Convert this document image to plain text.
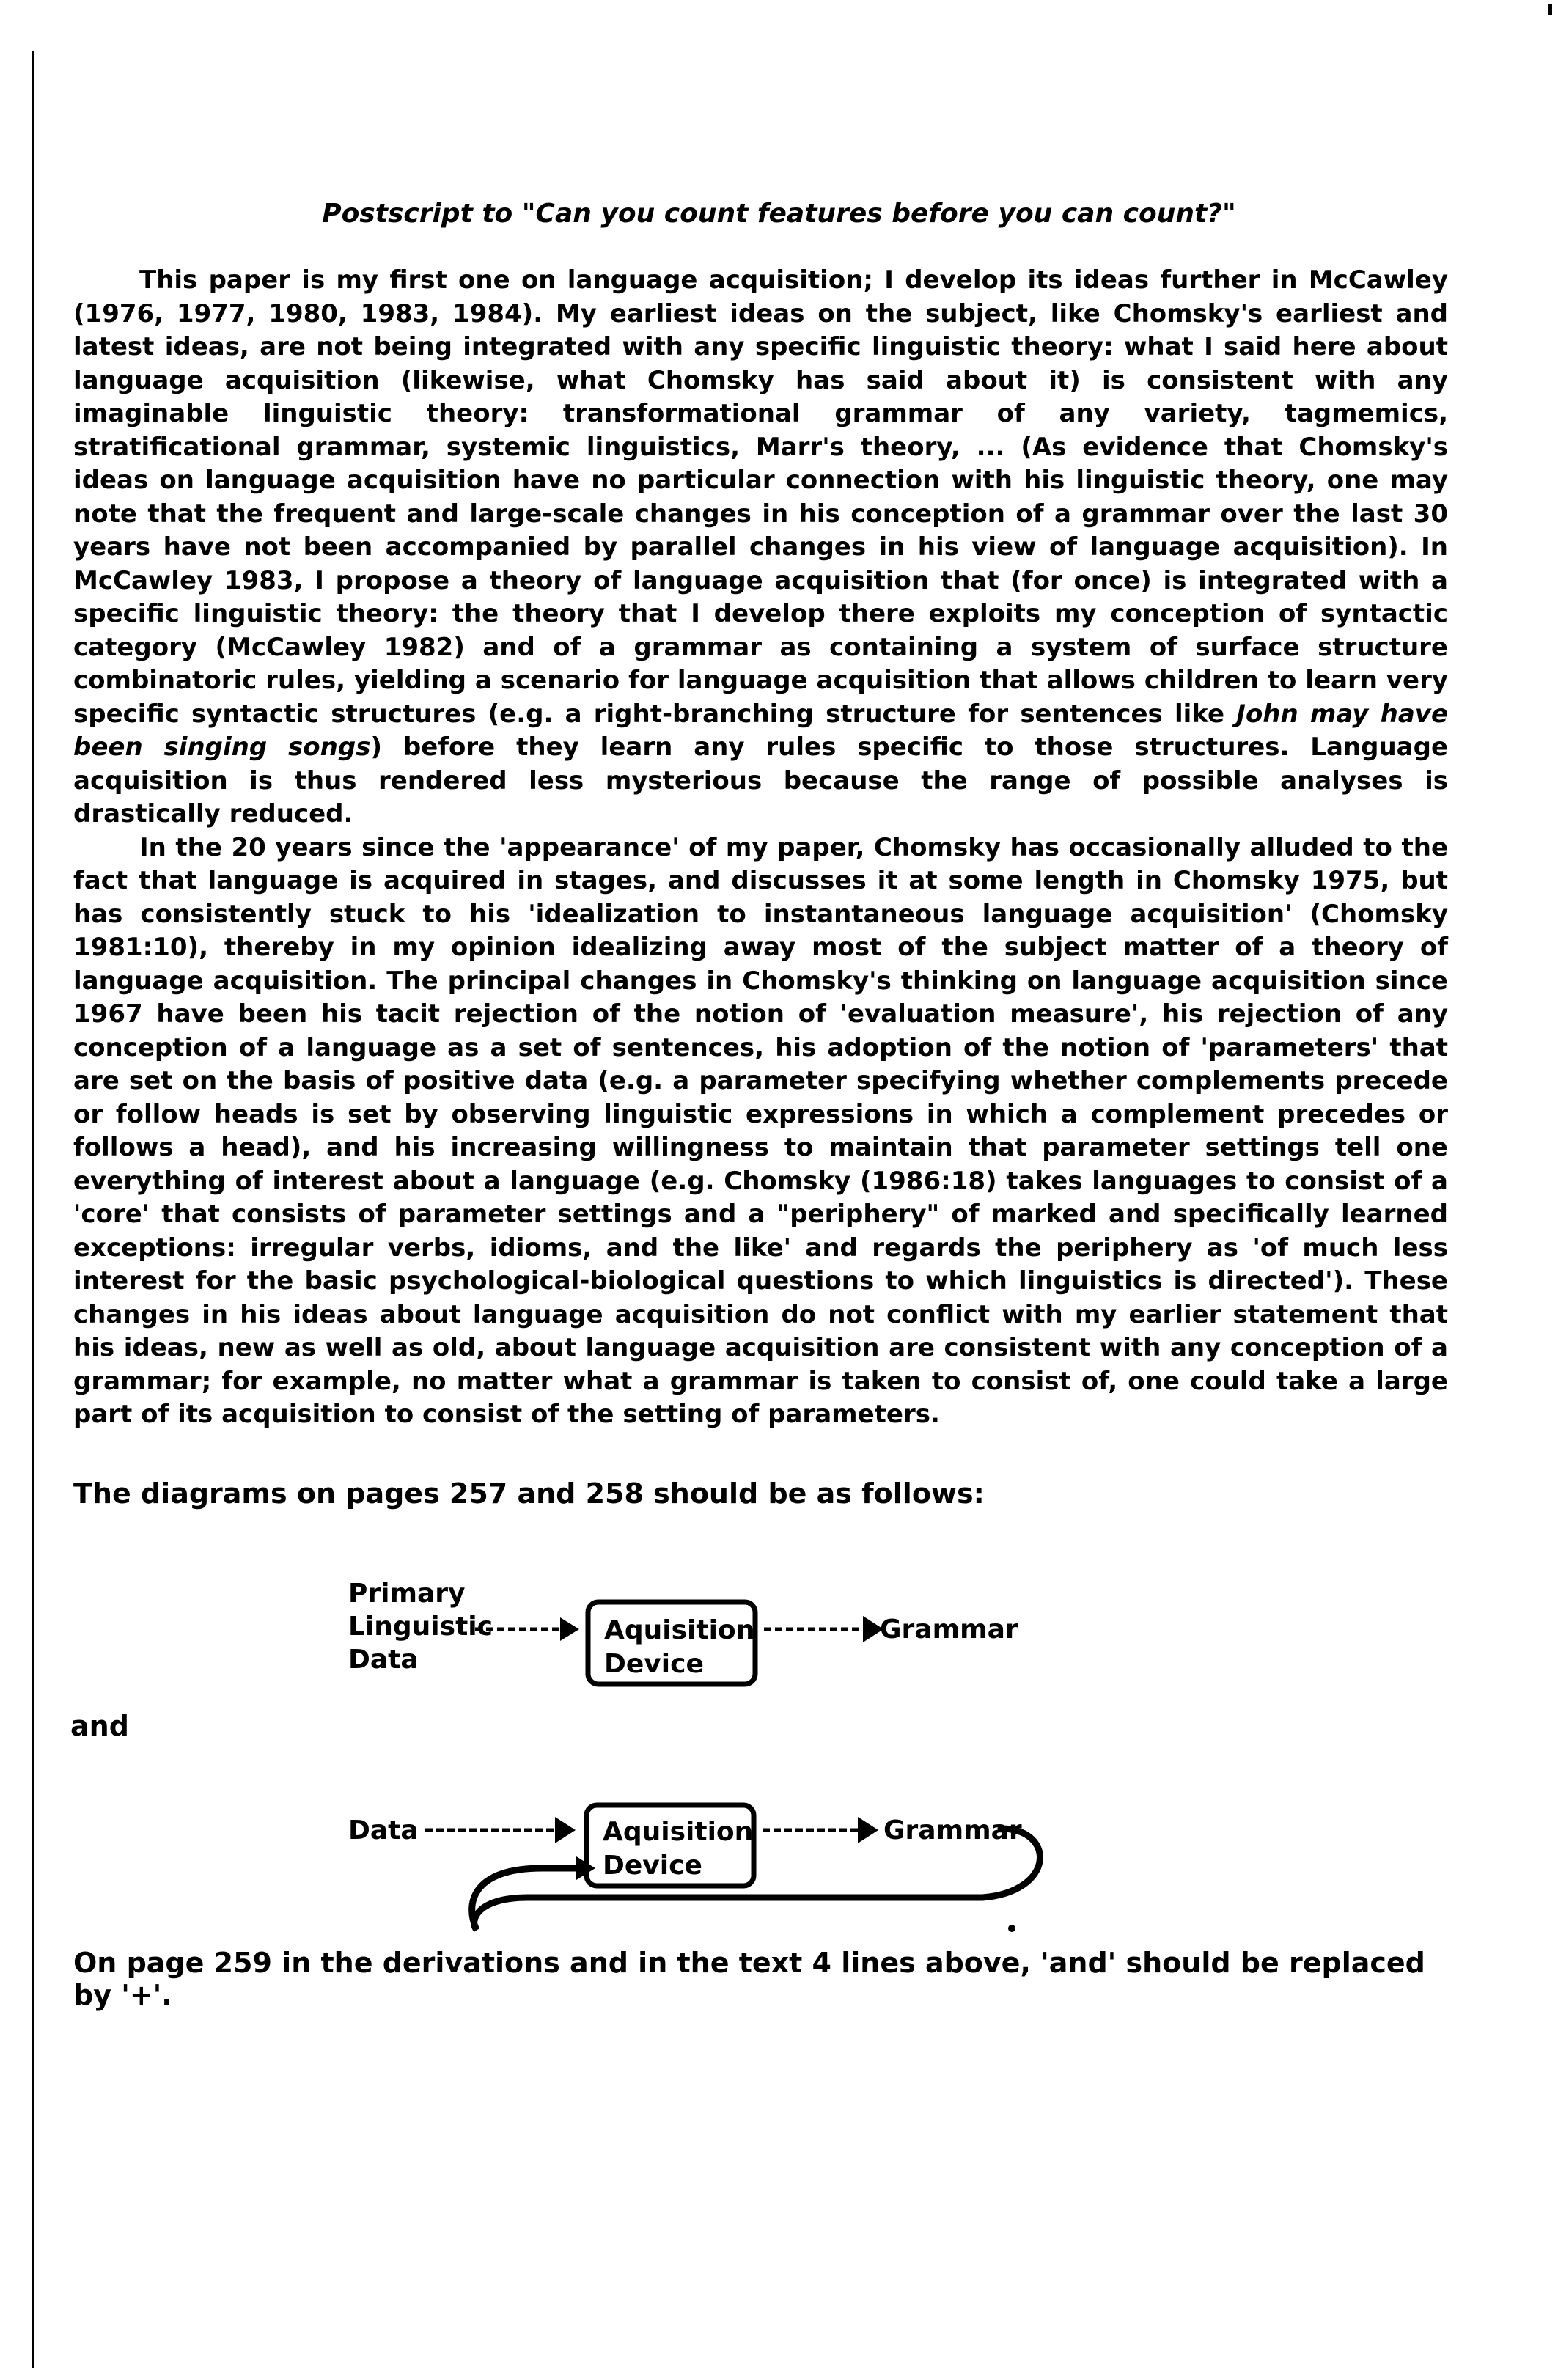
Postscript to "Can you count features before you can count?"

This paper is my first one on language acquisition; I develop its ideas further in McCawley (1976, 1977, 1980, 1983, 1984). My earliest ideas on the subject, like Chomsky's earliest and latest ideas, are not being integrated with any specific linguistic theory: what I said here about language acquisition (likewise, what Chomsky has said about it) is consistent with any imaginable linguistic theory: transformational grammar of any variety, tagmemics, stratificational grammar, systemic linguistics, Marr's theory, ... (As evidence that Chomsky's ideas on language acquisition have no particular connection with his linguistic theory, one may note that the frequent and large-scale changes in his conception of a grammar over the last 30 years have not been accompanied by parallel changes in his view of language acquisition). In McCawley 1983, I propose a theory of language acquisition that (for once) is integrated with a specific linguistic theory: the theory that I develop there exploits my conception of syntactic category (McCawley 1982) and of a grammar as containing a system of surface structure combinatoric rules, yielding a scenario for language acquisition that allows children to learn very specific syntactic structures (e.g. a right-branching structure for sentences like John may have been singing songs) before they learn any rules specific to those structures. Language acquisition is thus rendered less mysterious because the range of possible analyses is drastically reduced.

In the 20 years since the 'appearance' of my paper, Chomsky has occasionally alluded to the fact that language is acquired in stages, and discusses it at some length in Chomsky 1975, but has consistently stuck to his 'idealization to instantaneous language acquisition' (Chomsky 1981:10), thereby in my opinion idealizing away most of the subject matter of a theory of language acquisition. The principal changes in Chomsky's thinking on language acquisition since 1967 have been his tacit rejection of the notion of 'evaluation measure', his rejection of any conception of a language as a set of sentences, his adoption of the notion of 'parameters' that are set on the basis of positive data (e.g. a parameter specifying whether complements precede or follow heads is set by observing linguistic expressions in which a complement precedes or follows a head), and his increasing willingness to maintain that parameter settings tell one everything of interest about a language (e.g. Chomsky (1986:18) takes languages to consist of a 'core' that consists of parameter settings and a "periphery" of marked and specifically learned exceptions: irregular verbs, idioms, and the like' and regards the periphery as 'of much less interest for the basic psychological-biological questions to which linguistics is directed'). These changes in his ideas about language acquisition do not conflict with my earlier statement that his ideas, new as well as old, about language acquisition are consistent with any conception of a grammar; for example, no matter what a grammar is taken to consist of, one could take a large part of its acquisition to consist of the setting of parameters.

The diagrams on pages 257 and 258 should be as follows:

Primary
Linguistic
Data
Aquisition
Device
Grammar

and

Data	Aquisition
Device
Grammar

On page 259 in the derivations and in the text 4 lines above, 'and' should be replaced by '+'.
